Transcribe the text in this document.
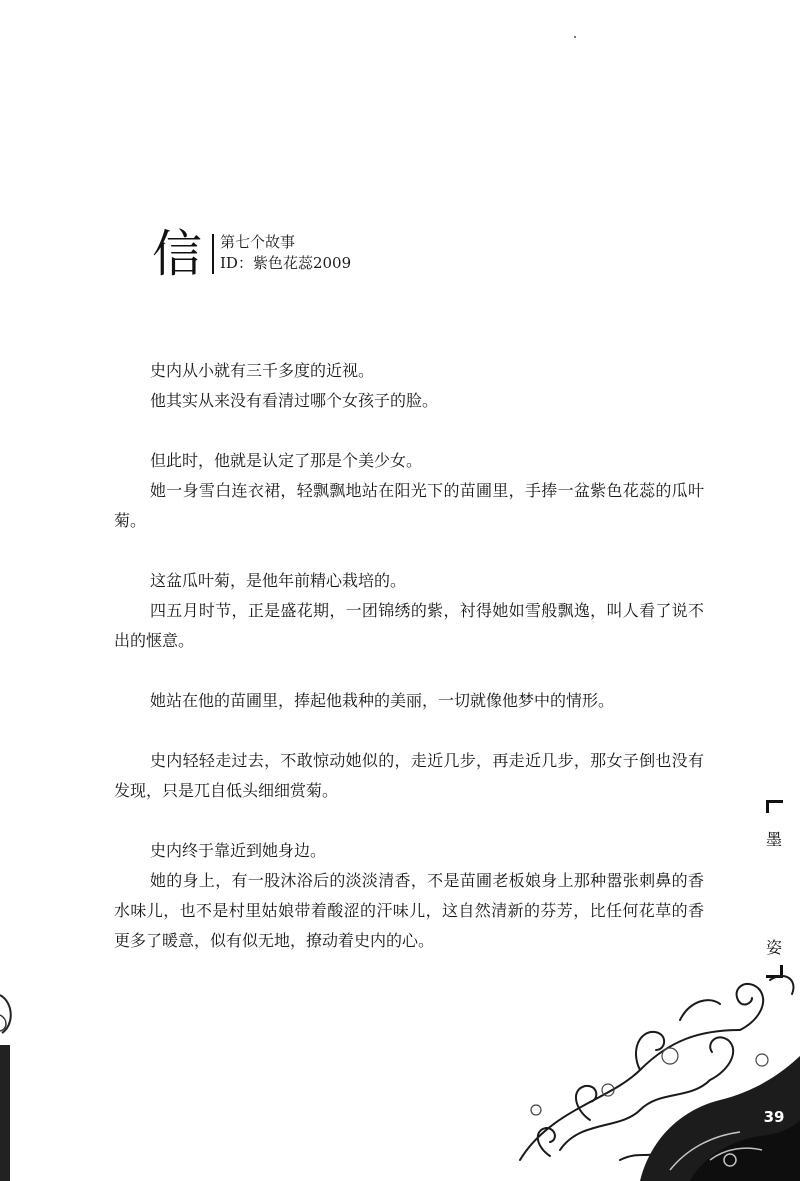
信 第七个故事
ID：紫色花蕊2009

史内从小就有三千多度的近视。

他其实从来没有看清过哪个女孩子的脸。

但此时，他就是认定了那是个美少女。

她一身雪白连衣裙，轻飘飘地站在阳光下的苗圃里，手捧一盆紫色花蕊的瓜叶菊。

这盆瓜叶菊，是他年前精心栽培的。

四五月时节，正是盛花期，一团锦绣的紫，衬得她如雪般飘逸，叫人看了说不出的惬意。

她站在他的苗圃里，捧起他栽种的美丽，一切就像他梦中的情形。

史内轻轻走过去，不敢惊动她似的，走近几步，再走近几步，那女子倒也没有发现，只是兀自低头细细赏菊。

史内终于靠近到她身边。

她的身上，有一股沐浴后的淡淡清香，不是苗圃老板娘身上那种嚣张刺鼻的香水味儿，也不是村里姑娘带着酸涩的汗味儿，这自然清新的芬芳，比任何花草的香更多了暖意，似有似无地，撩动着史内的心。

墨
姿
39
